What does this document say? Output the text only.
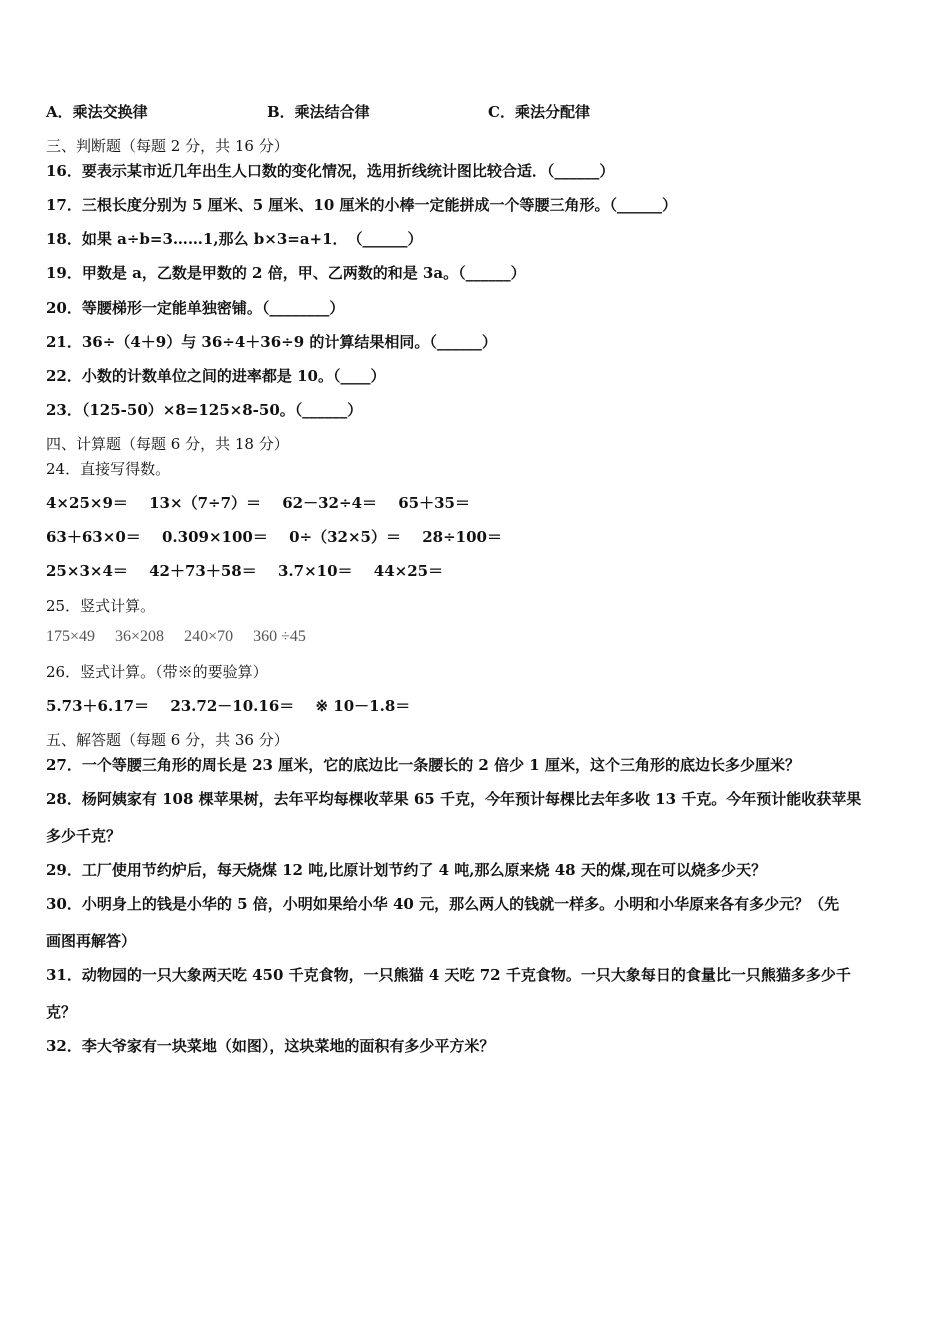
A．乘法交换律	B．乘法结合律	C．乘法分配律
三、判断题（每题 2 分，共 16 分）
16．要表示某市近几年出生人口数的变化情况，选用折线统计图比较合适．（______）
17．三根长度分别为 5 厘米、5 厘米、10 厘米的小棒一定能拼成一个等腰三角形。（______）
18．如果 a÷b=3……1,那么 b×3=a+1．　（______）
19．甲数是 a，乙数是甲数的 2 倍，甲、乙两数的和是 3a。（______）
20．等腰梯形一定能单独密铺。（________）
21．36÷（4＋9）与 36÷4＋36÷9 的计算结果相同。（______）
22．小数的计数单位之间的进率都是 10。（____）
23．（125-50）×8=125×8-50。（______）
四、计算题（每题 6 分，共 18 分）
24．直接写得数。
4×25×9＝ 13×（7÷7）＝ 62－32÷4＝ 65＋35＝
63＋63×0＝ 0.309×100＝ 0÷（32×5）＝ 28÷100＝
25×3×4＝ 42＋73＋58＝ 3.7×10＝ 44×25＝
25．竖式计算。
175×49 36×208 240×70 360 ÷45
26．竖式计算。（带※的要验算）
5.73＋6.17＝ 23.72－10.16＝ ※ 10－1.8＝
五、解答题（每题 6 分，共 36 分）
27．一个等腰三角形的周长是 23 厘米，它的底边比一条腰长的 2 倍少 1 厘米，这个三角形的底边长多少厘米？
28．杨阿姨家有 108 棵苹果树，去年平均每棵收苹果 65 千克，今年预计每棵比去年多收 13 千克。今年预计能收获苹果
多少千克？
29．工厂使用节约炉后，每天烧煤 12 吨,比原计划节约了 4 吨,那么原来烧 48 天的煤,现在可以烧多少天？
30．小明身上的钱是小华的 5 倍，小明如果给小华 40 元，那么两人的钱就一样多。小明和小华原来各有多少元？（先
画图再解答）
31．动物园的一只大象两天吃 450 千克食物，一只熊猫 4 天吃 72 千克食物。一只大象每日的食量比一只熊猫多多少千
克？
32．李大爷家有一块菜地（如图），这块菜地的面积有多少平方米？
